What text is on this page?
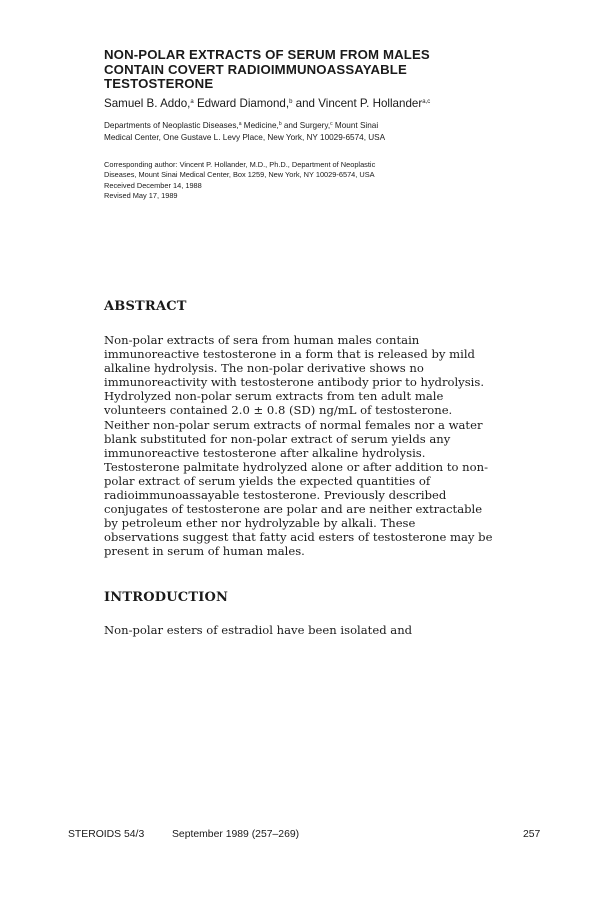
NON-POLAR EXTRACTS OF SERUM FROM MALES
CONTAIN COVERT RADIOIMMUNOASSAYABLE
TESTOSTERONE

Samuel B. Addo,$^a$ Edward Diamond,$^b$ and Vincent P. Hollander$^{a,c}$

Departments of Neoplastic Diseases,$^a$ Medicine,$^b$ and Surgery,$^c$ Mount Sinai
Medical Center, One Gustave L. Levy Place, New York, NY 10029-6574, USA
Corresponding author: Vincent P. Hollander, M.D., Ph.D., Department of Neoplastic
Diseases, Mount Sinai Medical Center, Box 1259, New York, NY 10029-6574, USA
Received December 14, 1988
Revised May 17, 1989
ABSTRACT
Non-polar extracts of sera from human males contain
immunoreactive testosterone in a form that is released by mild
alkaline hydrolysis. The non-polar derivative shows no
immunoreactivity with testosterone antibody prior to hydrolysis.
Hydrolyzed non-polar serum extracts from ten adult male
volunteers contained 2.0 ± 0.8 (SD) ng/mL of testosterone.
Neither non-polar serum extracts of normal females nor a water
blank substituted for non-polar extract of serum yields any
immunoreactive testosterone after alkaline hydrolysis.
Testosterone palmitate hydrolyzed alone or after addition to non-
polar extract of serum yields the expected quantities of
radioimmunoassayable testosterone. Previously described
conjugates of testosterone are polar and are neither extractable
by petroleum ether nor hydrolyzable by alkali. These
observations suggest that fatty acid esters of testosterone may be
present in serum of human males.
INTRODUCTION

Non-polar esters of estradiol have been isolated and

STEROIDS 54/3	September 1989 (257–269)	257
